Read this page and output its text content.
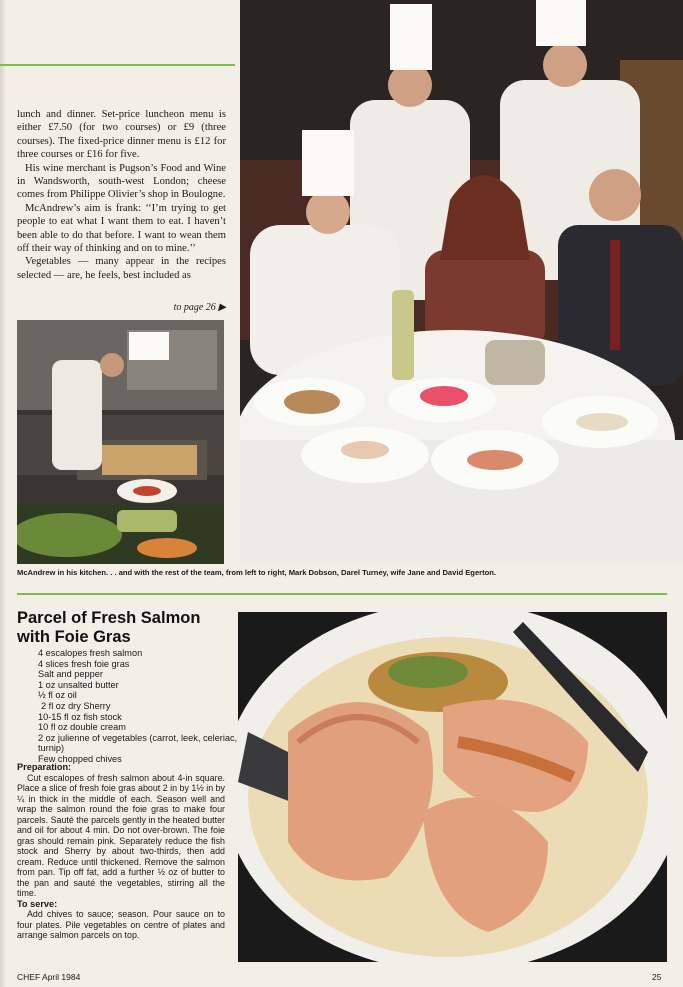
lunch and dinner. Set-price luncheon menu is either £7.50 (for two courses) or £9 (three courses). The fixed-price dinner menu is £12 for three courses or £16 for five.

His wine merchant is Pugson’s Food and Wine in Wandsworth, south-west London; cheese comes from Philippe Olivier’s shop in Boulogne.

McAndrew’s aim is frank: ‘‘I’m trying to get people to eat what I want them to eat. I haven’t been able to do that before. I want to wean them off their way of thinking and on to mine.’’

Vegetables — many appear in the recipes selected — are, he feels, best included as

to page 26 ▶
McAndrew in his kitchen. . . and with the rest of the team, from left to right, Mark Dobson, Darel Turney, wife Jane and David Egerton.
Parcel of Fresh Salmon
with Foie Gras
4 escalopes fresh salmon
4 slices fresh foie gras
Salt and pepper
1 oz unsalted butter
½ fl oz oil
2 fl oz dry Sherry
10-15 fl oz fish stock
10 fl oz double cream
2 oz julienne of vegetables (carrot, leek, celeriac, turnip)
Few chopped chives
Preparation:

Cut escalopes of fresh salmon about 4-in square. Place a slice of fresh foie gras about 2 in by 1½ in by ¼ in thick in the middle of each. Season well and wrap the salmon round the foie gras to make four parcels. Sauté the parcels gently in the heated butter and oil for about 4 min. Do not over-brown. The foie gras should remain pink. Separately reduce the fish stock and Sherry by about two-thirds, then add cream. Reduce until thickened. Remove the salmon from pan. Tip off fat, add a further ½ oz of butter to the pan and sauté the vegetables, stirring all the time.

To serve:

Add chives to sauce; season. Pour sauce on to four plates. Pile vegetables on centre of plates and arrange salmon parcels on top.

CHEF April 1984	25
